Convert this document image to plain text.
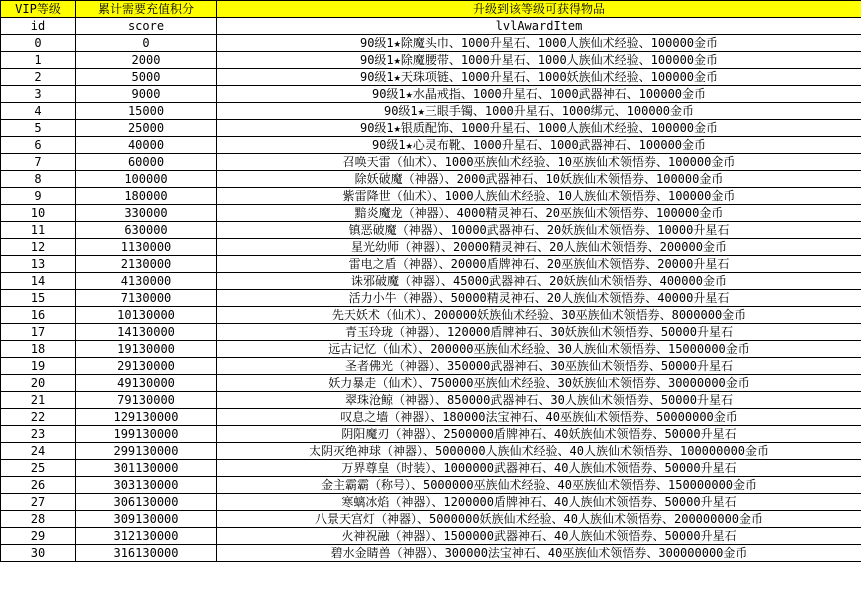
VIP等级	累计需要充值积分	升级到该等级可获得物品
id	score	lvlAwardItem
0	0	90级1★除魔头巾、1000升星石、1000人族仙术经验、100000金币
1	2000	90级1★除魔腰带、1000升星石、1000人族仙术经验、100000金币
2	5000	90级1★天珠项链、1000升星石、1000妖族仙术经验、100000金币
3	9000	90级1★水晶戒指、1000升星石、1000武器神石、100000金币
4	15000	90级1★三眼手镯、1000升星石、1000绑元、100000金币
5	25000	90级1★银质配饰、1000升星石、1000人族仙术经验、100000金币
6	40000	90级1★心灵布靴、1000升星石、1000武器神石、100000金币
7	60000	召唤天雷（仙术）、1000巫族仙术经验、10巫族仙术领悟券、100000金币
8	100000	除妖破魔（神器）、2000武器神石、10妖族仙术领悟券、100000金币
9	180000	紫雷降世（仙术）、1000人族仙术经验、10人族仙术领悟券、100000金币
10	330000	黯炎魔龙（神器）、4000精灵神石、20巫族仙术领悟券、100000金币
11	630000	镇恶破魔（神器）、10000武器神石、20妖族仙术领悟券、10000升星石
12	1130000	星光幼师（神器）、20000精灵神石、20人族仙术领悟券、200000金币
13	2130000	雷电之盾（神器）、20000盾牌神石、20巫族仙术领悟券、20000升星石
14	4130000	诛邪破魔（神器）、45000武器神石、20妖族仙术领悟券、400000金币
15	7130000	活力小牛（神器）、50000精灵神石、20人族仙术领悟券、40000升星石
16	10130000	先天妖术（仙术）、200000妖族仙术经验、30巫族仙术领悟券、8000000金币
17	14130000	青玉玲珑（神器）、120000盾牌神石、30妖族仙术领悟券、50000升星石
18	19130000	远古记忆（仙术）、200000巫族仙术经验、30人族仙术领悟券、15000000金币
19	29130000	圣者佛光（神器）、350000武器神石、30巫族仙术领悟券、50000升星石
20	49130000	妖力暴走（仙术）、750000巫族仙术经验、30妖族仙术领悟券、30000000金币
21	79130000	翠珠沧鲸（神器）、850000武器神石、30人族仙术领悟券、50000升星石
22	129130000	叹息之墙（神器）、180000法宝神石、40巫族仙术领悟券、50000000金币
23	199130000	阴阳魔刃（神器）、2500000盾牌神石、40妖族仙术领悟券、50000升星石
24	299130000	太阴灭绝神球（神器）、5000000人族仙术经验、40人族仙术领悟券、100000000金币
25	301130000	万界尊皇（时装）、1000000武器神石、40人族仙术领悟券、50000升星石
26	303130000	金主霸霸（称号）、5000000巫族仙术经验、40巫族仙术领悟券、150000000金币
27	306130000	寒螭冰焰（神器）、1200000盾牌神石、40人族仙术领悟券、50000升星石
28	309130000	八景天宫灯（神器）、5000000妖族仙术经验、40人族仙术领悟券、200000000金币
29	312130000	火神祝融（神器）、1500000武器神石、40人族仙术领悟券、50000升星石
30	316130000	碧水金睛兽（神器）、300000法宝神石、40巫族仙术领悟券、300000000金币
